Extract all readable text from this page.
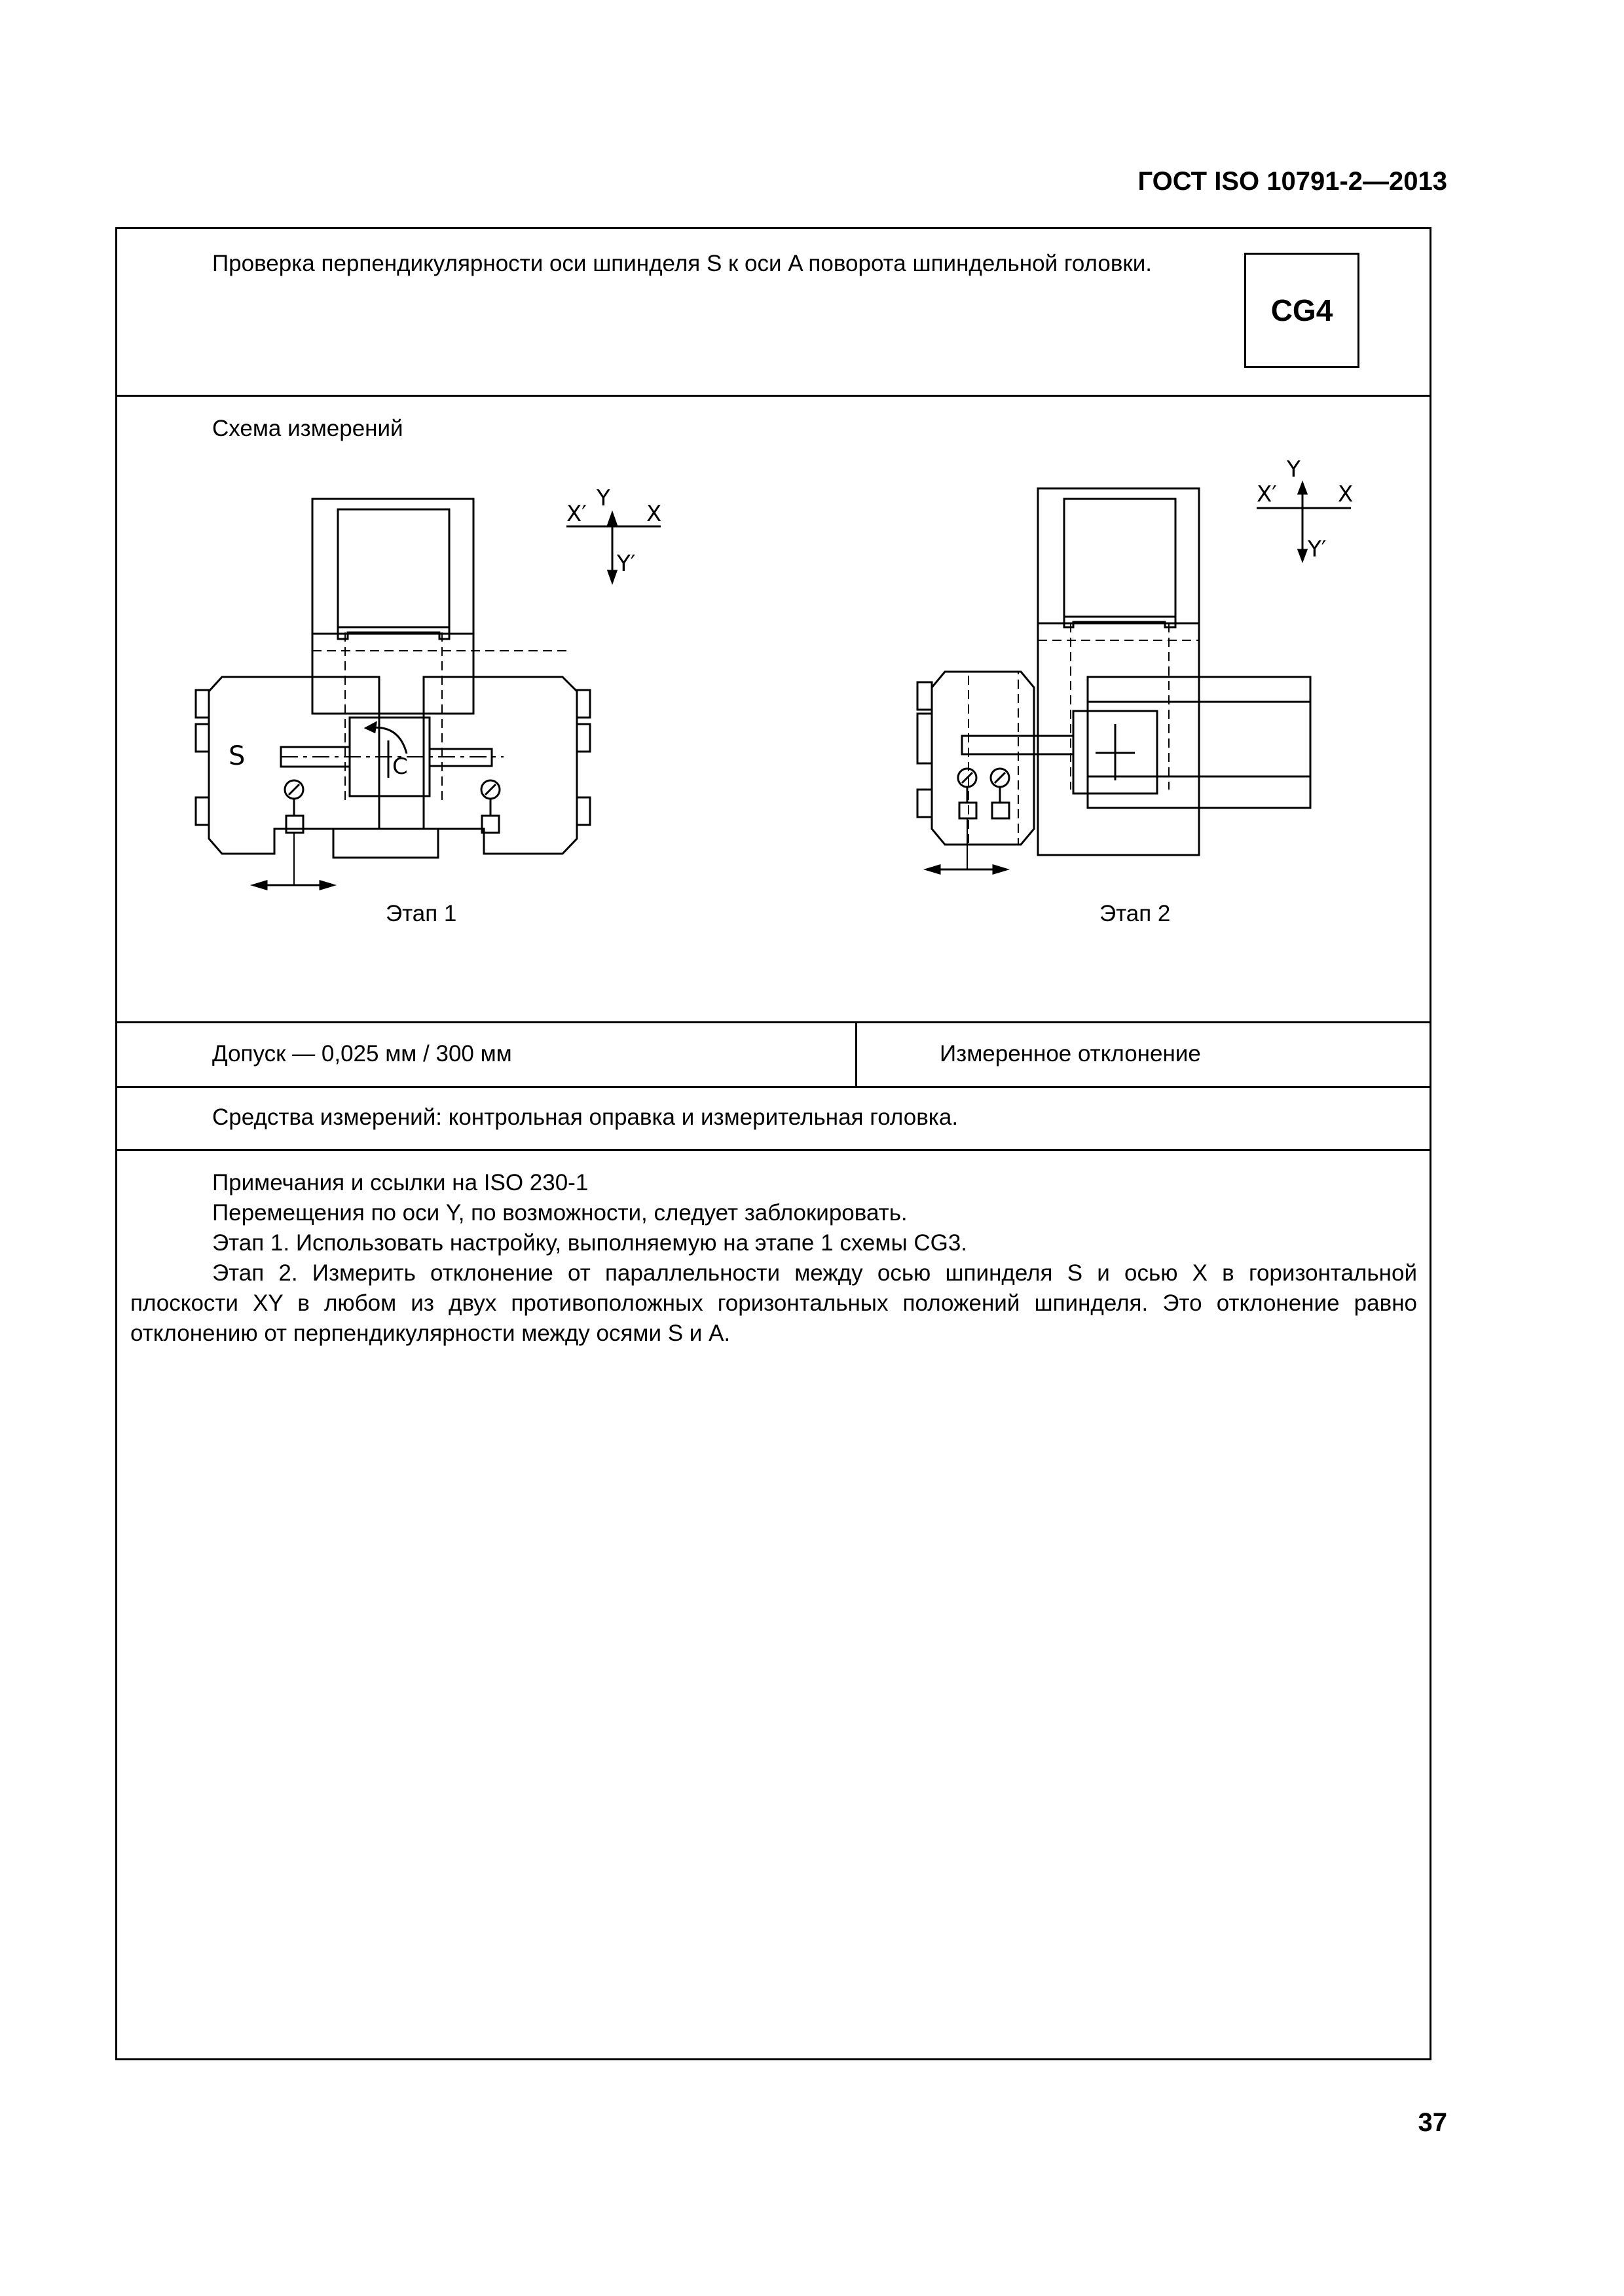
ГОСТ ISO 10791-2—2013
Проверка перпендикулярности оси шпинделя S к оси A поворота шпиндельной головки.
CG4
Схема измерений
S	C
Y
X′	X
Y′
Y
X′	X
Y′
Этап 1	Этап 2
Допуск — 0,025 мм / 300 мм	Измеренное отклонение
Средства измерений: контрольная оправка и измерительная головка.

Примечания и ссылки на ISO 230-1

Перемещения по оси Y, по возможности, следует заблокировать.

Этап 1. Использовать настройку, выполняемую на этапе 1 схемы CG3.

Этап 2. Измерить отклонение от параллельности между осью шпинделя S и осью X в горизонтальной плоскости XY в любом из двух противоположных горизонтальных положений шпинделя. Это отклонение равно отклонению от перпендикулярности между осями S и A.

37
